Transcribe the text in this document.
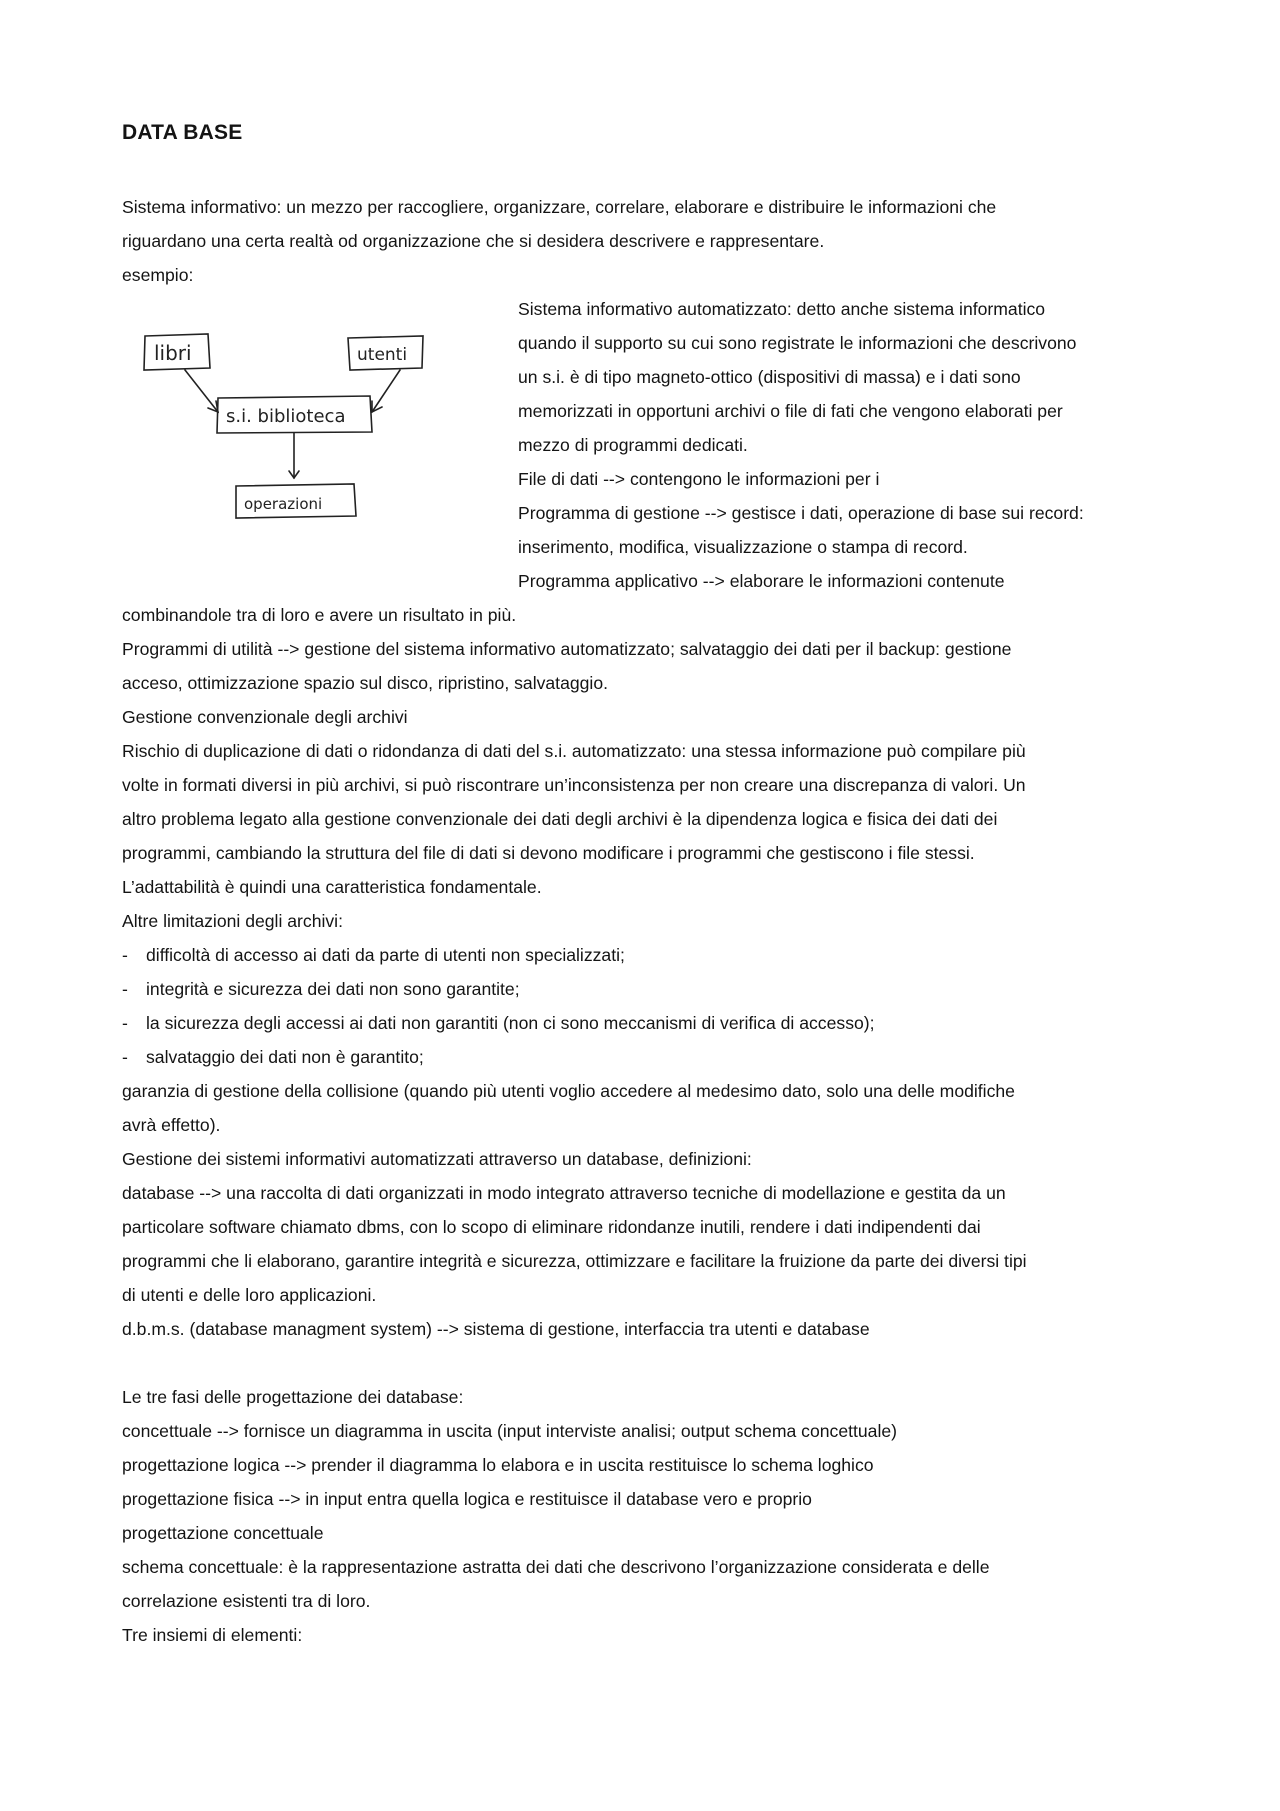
DATA BASE
Sistema informativo: un mezzo per raccogliere, organizzare, correlare, elaborare e distribuire le informazioni che
riguardano una certa realtà od organizzazione che si desidera descrivere e rappresentare.
esempio:
libri	utenti
s.i. biblioteca
operazioni
Sistema informativo automatizzato: detto anche sistema informatico
quando il supporto su cui sono registrate le informazioni che descrivono
un s.i. è di tipo magneto-ottico (dispositivi di massa) e i dati sono
memorizzati in opportuni archivi o file di fati che vengono elaborati per
mezzo di programmi dedicati.
File di dati --> contengono le informazioni per i
Programma di gestione --> gestisce i dati, operazione di base sui record:
inserimento, modifica, visualizzazione o stampa di record.
Programma applicativo --> elaborare le informazioni contenute
combinandole tra di loro e avere un risultato in più.
Programmi di utilità --> gestione del sistema informativo automatizzato; salvataggio dei dati per il backup: gestione
acceso, ottimizzazione spazio sul disco, ripristino, salvataggio.
Gestione convenzionale degli archivi
Rischio di duplicazione di dati o ridondanza di dati del s.i. automatizzato: una stessa informazione può compilare più
volte in formati diversi in più archivi, si può riscontrare un’inconsistenza per non creare una discrepanza di valori. Un
altro problema legato alla gestione convenzionale dei dati degli archivi è la dipendenza logica e fisica dei dati dei
programmi, cambiando la struttura del file di dati si devono modificare i programmi che gestiscono i file stessi.
L’adattabilità è quindi una caratteristica fondamentale.
Altre limitazioni degli archivi:
- difficoltà di accesso ai dati da parte di utenti non specializzati;
- integrità e sicurezza dei dati non sono garantite;
- la sicurezza degli accessi ai dati non garantiti (non ci sono meccanismi di verifica di accesso);
- salvataggio dei dati non è garantito;
garanzia di gestione della collisione (quando più utenti voglio accedere al medesimo dato, solo una delle modifiche
avrà effetto).
Gestione dei sistemi informativi automatizzati attraverso un database, definizioni:
database --> una raccolta di dati organizzati in modo integrato attraverso tecniche di modellazione e gestita da un
particolare software chiamato dbms, con lo scopo di eliminare ridondanze inutili, rendere i dati indipendenti dai
programmi che li elaborano, garantire integrità e sicurezza, ottimizzare e facilitare la fruizione da parte dei diversi tipi
di utenti e delle loro applicazioni.
d.b.m.s. (database managment system) --> sistema di gestione, interfaccia tra utenti e database
Le tre fasi delle progettazione dei database:
concettuale --> fornisce un diagramma in uscita (input interviste analisi; output schema concettuale)
progettazione logica --> prender il diagramma lo elabora e in uscita restituisce lo schema loghico
progettazione fisica --> in input entra quella logica e restituisce il database vero e proprio
progettazione concettuale
schema concettuale: è la rappresentazione astratta dei dati che descrivono l’organizzazione considerata e delle
correlazione esistenti tra di loro.
Tre insiemi di elementi:
